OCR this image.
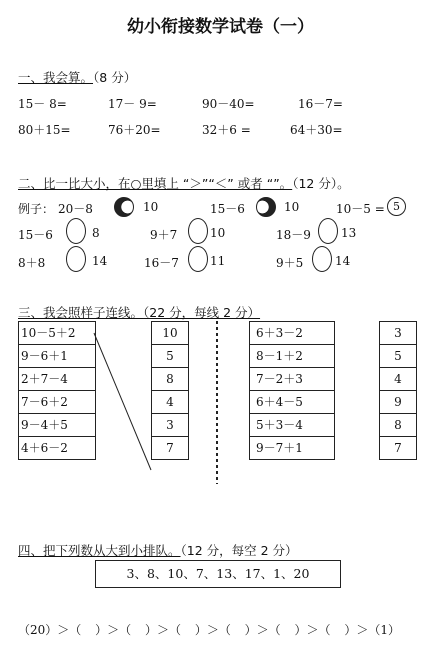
幼小衔接数学试卷（一）
一、我会算。（8 分）
15－ 8=	17－ 9=	90－40=	16－7=
80＋15=	76＋20=	32＋6 =	64＋30=
二、比一比大小，在○里填上 “＞”“＜” 或者 “”。（12 分）。
例子： 20－8	10	15－6	10	10－5 = 5
15－6	8	9＋7	10	18－9	13
8＋8	14	16－7	11	9＋5	14
三、我会照样子连线。（22 分，每线 2 分）
10－5＋2
9－6＋1
2＋7－4
7－6＋2
9－4＋5
4＋6－2
10
5
8
4
3
7
6＋3－2
8－1＋2
7－2＋3
6＋4－5
5＋3－4
9－7＋1
3
5
4
9
8
7
四、把下列数从大到小排队。（12 分，每空 2 分）
3、8、10、7、13、17、1、20
（20）＞（ ）＞（ ）＞（ ）＞（ ）＞（ ）＞（ ）＞（1）
